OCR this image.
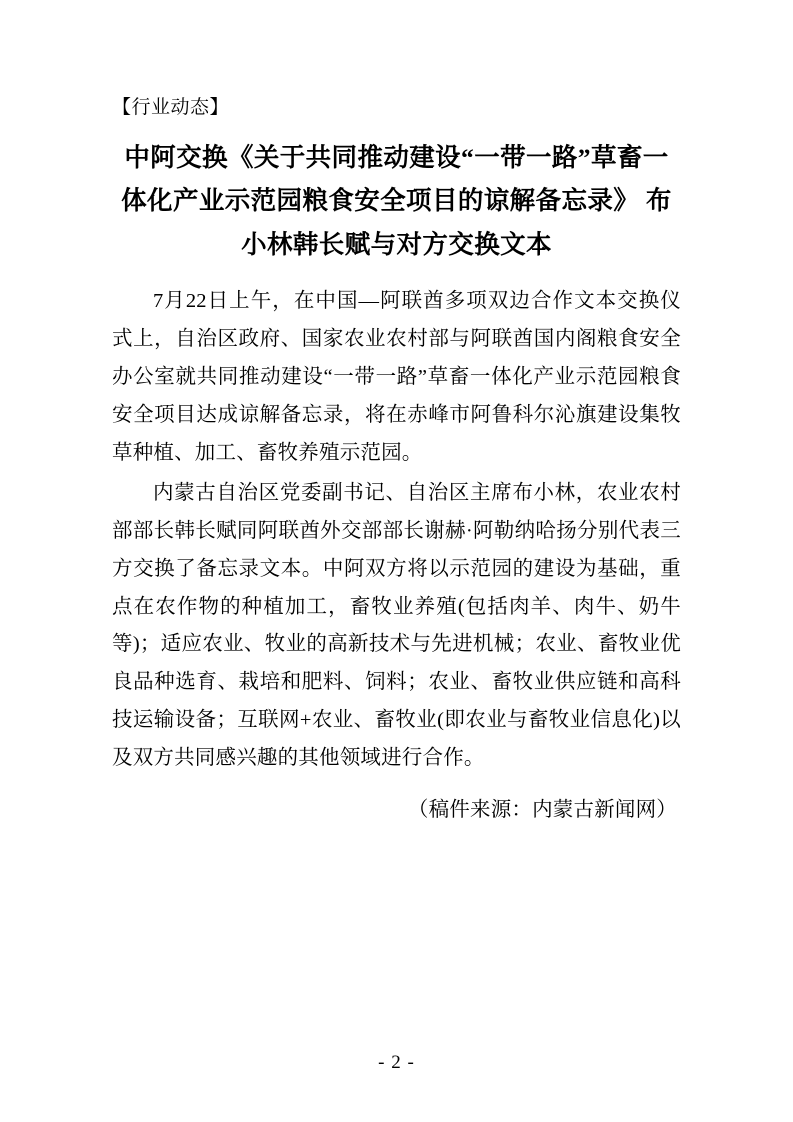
【行业动态】
中阿交换《关于共同推动建设“一带一路”草畜一体化产业示范园粮食安全项目的谅解备忘录》 布小林韩长赋与对方交换文本

7月22日上午，在中国—阿联酋多项双边合作文本交换仪式上，自治区政府、国家农业农村部与阿联酋国内阁粮食安全办公室就共同推动建设“一带一路”草畜一体化产业示范园粮食安全项目达成谅解备忘录，将在赤峰市阿鲁科尔沁旗建设集牧草种植、加工、畜牧养殖示范园。

内蒙古自治区党委副书记、自治区主席布小林，农业农村部部长韩长赋同阿联酋外交部部长谢赫·阿勒纳哈扬分别代表三方交换了备忘录文本。中阿双方将以示范园的建设为基础，重点在农作物的种植加工，畜牧业养殖(包括肉羊、肉牛、奶牛等)；适应农业、牧业的高新技术与先进机械；农业、畜牧业优良品种选育、栽培和肥料、饲料；农业、畜牧业供应链和高科技运输设备；互联网+农业、畜牧业(即农业与畜牧业信息化)以及双方共同感兴趣的其他领域进行合作。

（稿件来源：内蒙古新闻网）

- 2 -
